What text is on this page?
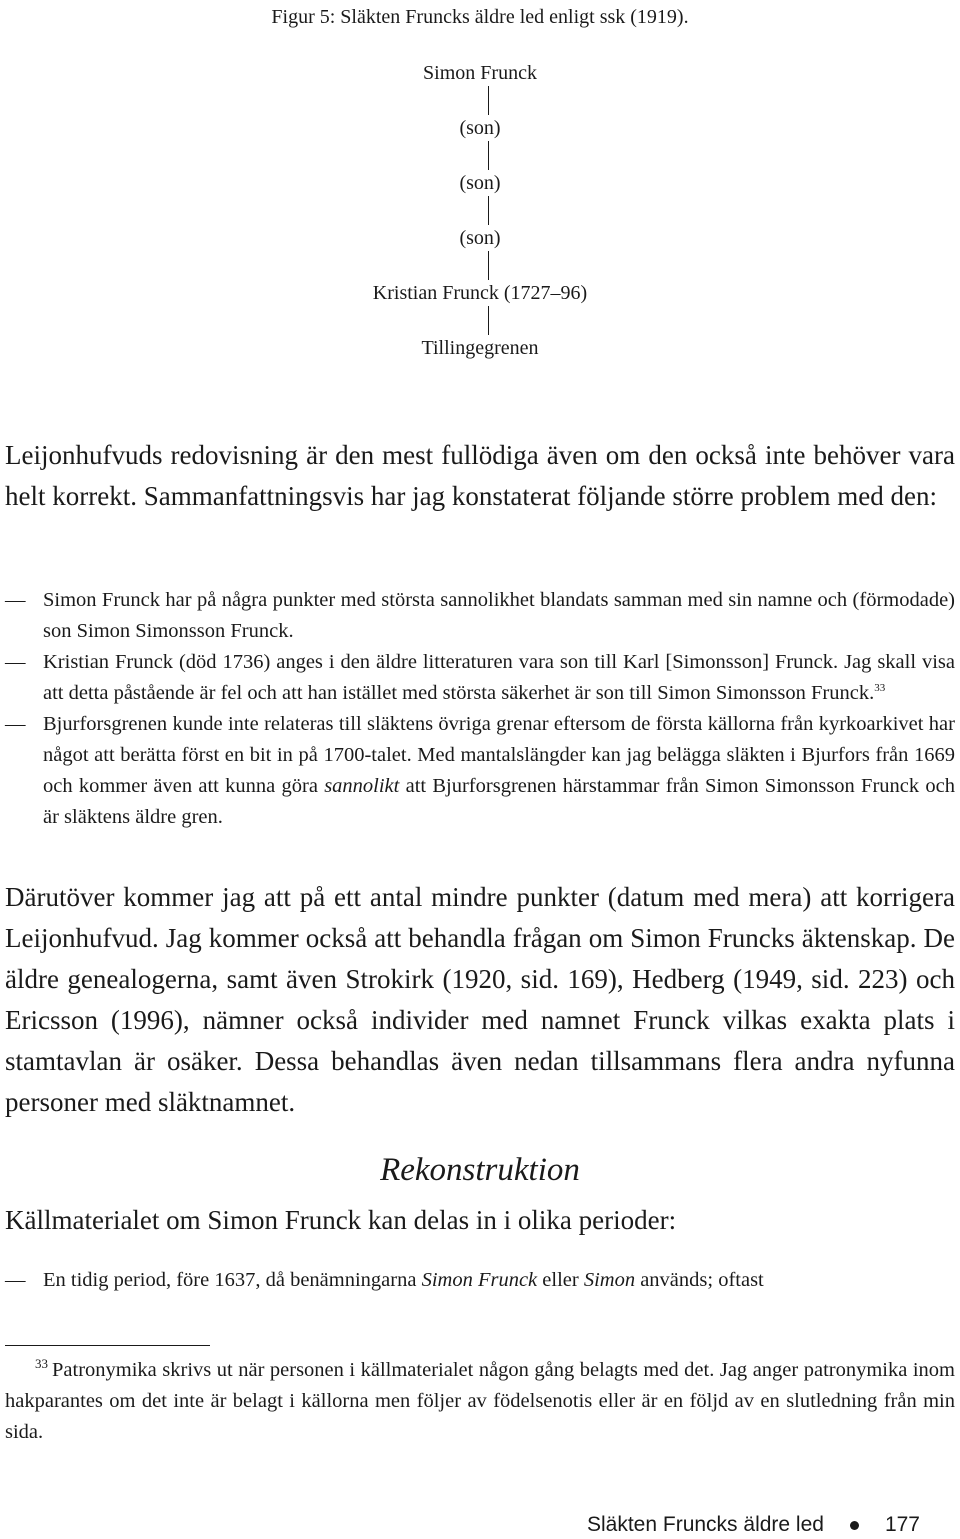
Figur 5: Släkten Fruncks äldre led enligt ssk (1919).
Simon Frunck
(son)
(son)
(son)
Kristian Frunck (1727–96)
Tillingegrenen

Leijonhufvuds redovisning är den mest fullödiga även om den också inte behöver vara helt korrekt. Sammanfattningsvis har jag konstaterat följande större problem med den:

— Simon Frunck har på några punkter med största sannolikhet blandats samman med sin namne och (förmodade) son Simon Simonsson Frunck.

— Kristian Frunck (död 1736) anges i den äldre litteraturen vara son till Karl [Simonsson] Frunck. Jag skall visa att detta påstående är fel och att han istället med största säkerhet är son till Simon Simonsson Frunck.$^{33}$

— Bjurforsgrenen kunde inte relateras till släktens övriga grenar eftersom de första källorna från kyrkoarkivet har något att berätta först en bit in på 1700-talet. Med mantalslängder kan jag belägga släkten i Bjurfors från 1669 och kommer även att kunna göra sannolikt att Bjurforsgrenen härstammar från Simon Simonsson Frunck och är släktens äldre gren.

Därutöver kommer jag att på ett antal mindre punkter (datum med mera) att korrigera Leijonhufvud. Jag kommer också att behandla frågan om Simon Fruncks äktenskap. De äldre genealogerna, samt även Strokirk (1920, sid. 169), Hedberg (1949, sid. 223) och Ericsson (1996), nämner också individer med namnet Frunck vilkas exakta plats i stamtavlan är osäker. Dessa behandlas även nedan tillsammans flera andra nyfunna personer med släktnamnet.

Rekonstruktion

Källmaterialet om Simon Frunck kan delas in i olika perioder:

— En tidig period, före 1637, då benämningarna Simon Frunck eller Simon används; oftast

$^{33}$ Patronymika skrivs ut när personen i källmaterialet någon gång belagts med det. Jag anger patronymika inom hakparantes om det inte är belagt i källorna men följer av födelsenotis eller är en följd av en slutledning från min sida.

Släkten Fruncks äldre led	177
